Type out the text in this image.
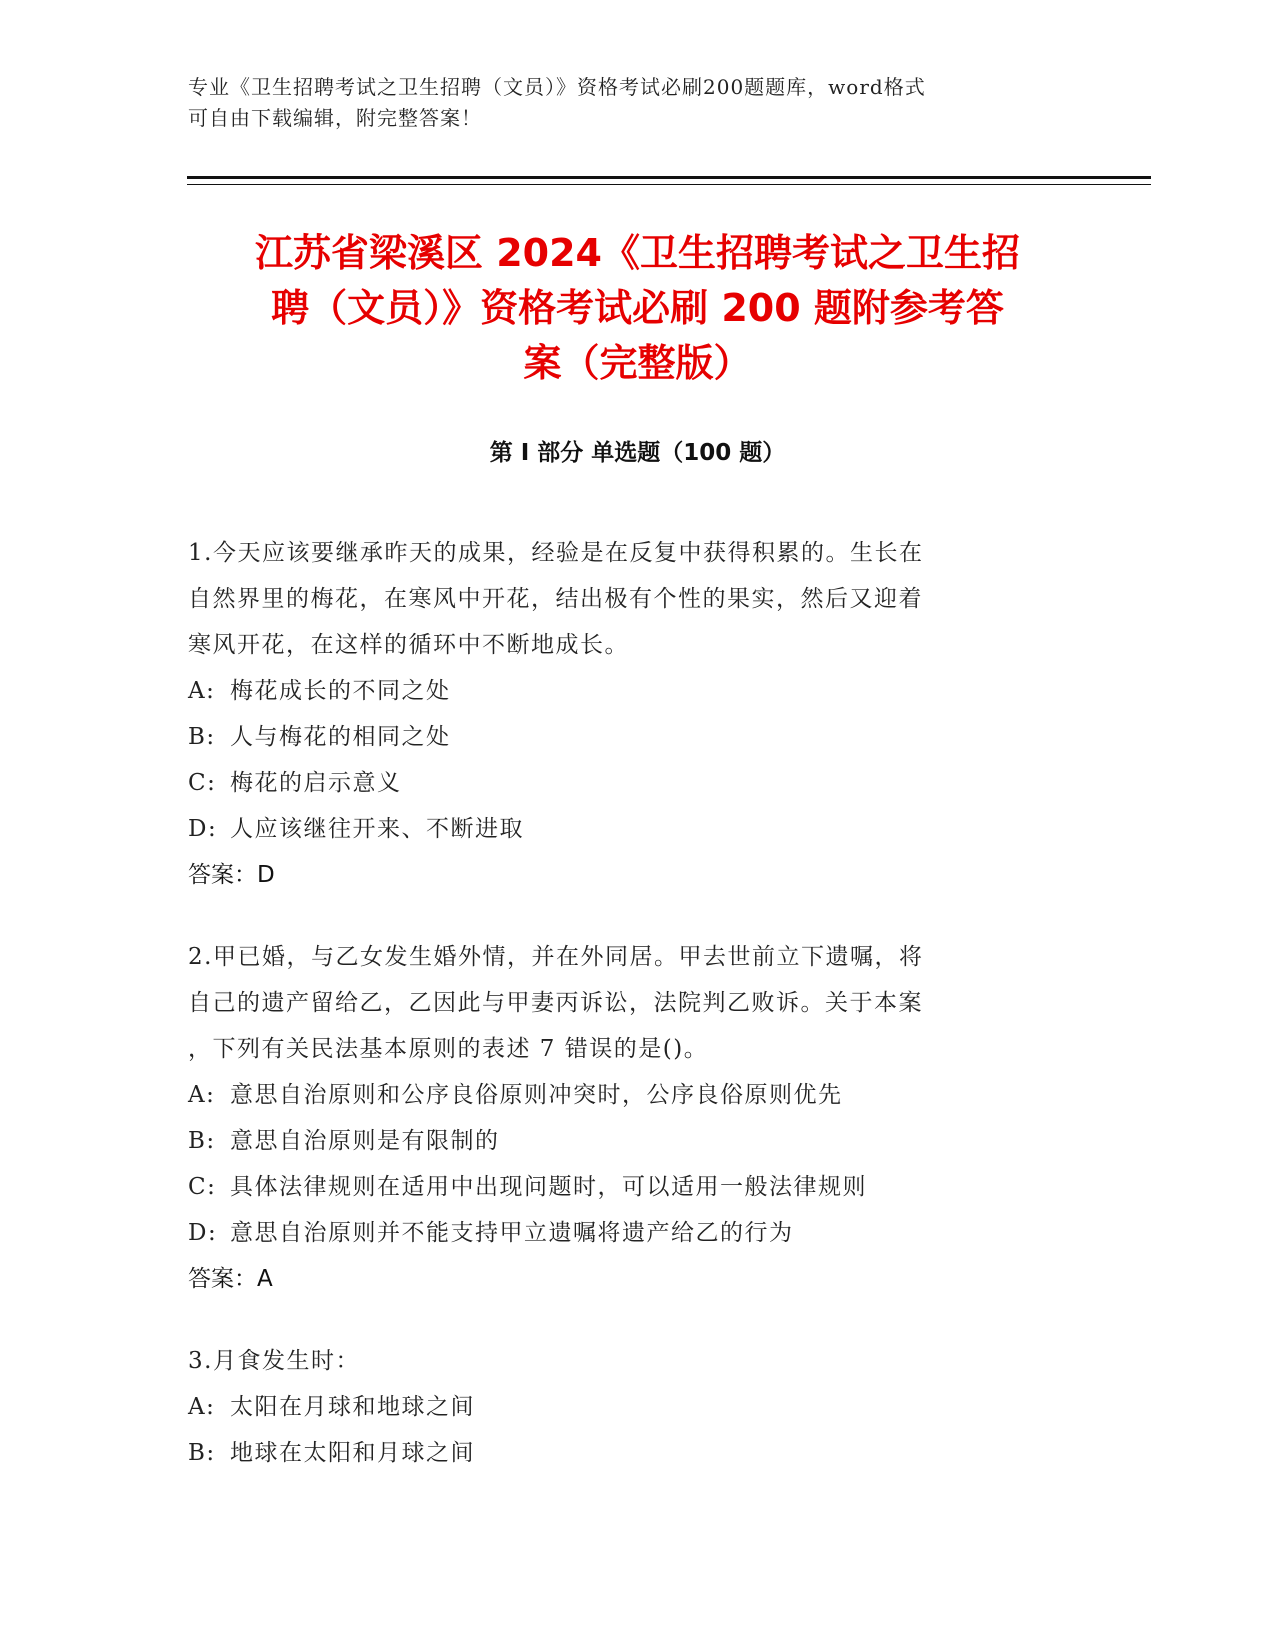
专业《卫生招聘考试之卫生招聘（文员）》资格考试必刷200题题库，word格式
可自由下载编辑，附完整答案！
江苏省梁溪区 2024《卫生招聘考试之卫生招
聘（文员）》资格考试必刷 200 题附参考答
案（完整版）
第 I 部分 单选题（100 题）
1.今天应该要继承昨天的成果，经验是在反复中获得积累的。生长在
自然界里的梅花，在寒风中开花，结出极有个性的果实，然后又迎着
寒风开花，在这样的循环中不断地成长。
A: 梅花成长的不同之处
B: 人与梅花的相同之处
C: 梅花的启示意义
D: 人应该继往开来、不断进取
答案：D
2.甲已婚，与乙女发生婚外情，并在外同居。甲去世前立下遗嘱，将
自己的遗产留给乙，乙因此与甲妻丙诉讼，法院判乙败诉。关于本案
，下列有关民法基本原则的表述 7 错误的是()。
A: 意思自治原则和公序良俗原则冲突时，公序良俗原则优先
B: 意思自治原则是有限制的
C: 具体法律规则在适用中出现问题时，可以适用一般法律规则
D: 意思自治原则并不能支持甲立遗嘱将遗产给乙的行为
答案：A
3.月食发生时：
A: 太阳在月球和地球之间
B: 地球在太阳和月球之间
